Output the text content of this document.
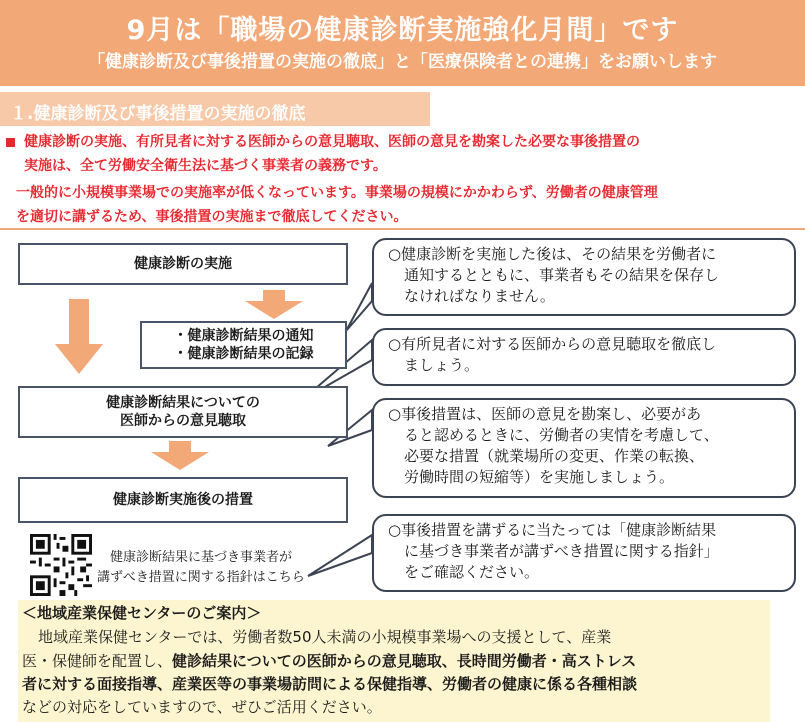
9月は「職場の健康診断実施強化月間」です
「健康診断及び事後措置の実施の徹底」と「医療保険者との連携」をお願いします
１.健康診断及び事後措置の実施の徹底
健康診断の実施、有所見者に対する医師からの意見聴取、医師の意見を勘案した必要な事後措置の
実施は、全て労働安全衛生法に基づく事業者の義務です。
一般的に小規模事業場での実施率が低くなっています。事業場の規模にかかわらず、労働者の健康管理
を適切に講ずるため、事後措置の実施まで徹底してください。
健康診断の実施
・健康診断結果の通知
・健康診断結果の記録
健康診断結果についての
医師からの意見聴取
健康診断実施後の措置
○健康診断を実施した後は、その結果を労働者に
通知するとともに、事業者もその結果を保存し
なければなりません。
○有所見者に対する医師からの意見聴取を徹底し
ましょう。
○事後措置は、医師の意見を勘案し、必要があ
ると認めるときに、労働者の実情を考慮して、
必要な措置（就業場所の変更、作業の転換、
労働時間の短縮等）を実施しましょう。
○事後措置を講ずるに当たっては「健康診断結果
に基づき事業者が講ずべき措置に関する指針」
をご確認ください。
健康診断結果に基づき事業者が
講ずべき措置に関する指針はこちら
＜地域産業保健センターのご案内＞
地域産業保健センターでは、労働者数50人未満の小規模事業場への支援として、産業
医・保健師を配置し、健診結果についての医師からの意見聴取、長時間労働者・高ストレス
者に対する面接指導、産業医等の事業場訪問による保健指導、労働者の健康に係る各種相談
などの対応をしていますので、ぜひご活用ください。
